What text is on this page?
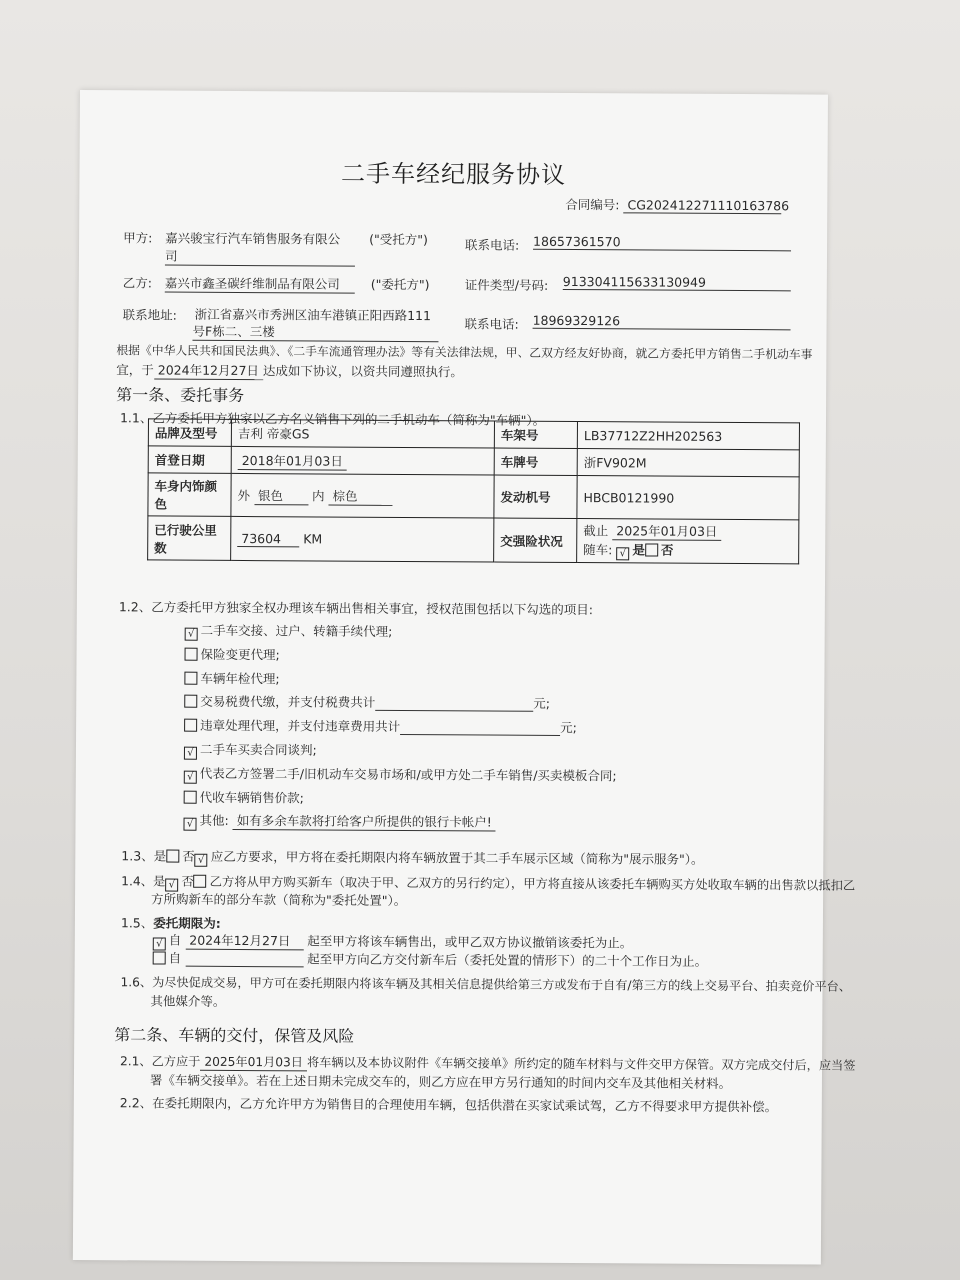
二手车经纪服务协议
合同编号: CG20241227111016378​6
甲方: 嘉兴骏宝行汽车销售服务有限公
司
("受托方")	联系电话: 18657361570
乙方: 嘉兴市鑫圣碳纤维制品有限公司	("委托方")	证件类型/号码: 913304115633130949
联系地址: 浙江省嘉兴市秀洲区油车港镇正阳西路111
号F栋二、三楼	联系电话: 18969329126
根据《中华人民共和国民法典》、《二手车流通管理办法》等有关法律法规，甲、乙双方经友好协商，就乙方委托甲方销售二手机动车事
宜，于 2024年12月27日 达成如下协议，以资共同遵照执行。
第一条、委托事务
1.1、乙方委托甲方独家以乙方名义销售下列的二手机动车（简称为"车辆"）。
品牌及型号	吉利 帝豪GS	车架号	LB37712Z2HH202563
首登日期	2018年01月03日	车牌号	浙FV902M
车身内饰颜色	外 银色 内 棕色	发动机号	HBCB0121990
已行驶公里数	73604 KM	交强险状况	截止 2025年01月03日
随车: √ 是 否
1.2、乙方委托甲方独家全权办理该车辆出售相关事宜，授权范围包括以下勾选的项目:
√ 二手车交接、过户、转籍手续代理;
保险变更代理;
车辆年检代理;
交易税费代缴，并支付税费共计	元;
违章处理代理，并支付违章费用共计	元;
√ 二手车买卖合同谈判;
√ 代表乙方签署二手/旧机动车交易市场和/或甲方处二手车销售/买卖模板合同;
代收车辆销售价款;
√ 其他: 如有多余车款将打给客户所提供的银行卡帐户!
1.3、是 否 √ 应乙方要求，甲方将在委托期限内将车辆放置于其二手车展示区域（简称为"展示服务"）。
1.4、是 √ 否 乙方将从甲方购买新车（取决于甲、乙双方的另行约定），甲方将直接从该委托车辆购买方处收取车辆的出售款以抵扣乙
方所购新车的部分车款（简称为"委托处置"）。
1.5、委托期限为:
√ 自 2024年12月27日 起至甲方将该车辆售出，或甲乙双方协议撤销该委托为止。
自	起至甲方向乙方交付新车后（委托处置的情形下）的二十个工作日为止。
1.6、为尽快促成交易，甲方可在委托期限内将该车辆及其相关信息提供给第三方或发布于自有/第三方的线上交易平台、拍卖竞价平台、
其他媒介等。
第二条、车辆的交付，保管及风险
2.1、乙方应于 2025年01月03日 将车辆以及本协议附件《车辆交接单》所约定的随车材料与文件交甲方保管。双方完成交付后，应当签
署《车辆交接单》。若在上述日期未完成交车的，则乙方应在甲方另行通知的时间内交车及其他相关材料。
2.2、在委托期限内，乙方允许甲方为销售目的合理使用车辆，包括供潜在买家试乘试驾，乙方不得要求甲方提供补偿。
